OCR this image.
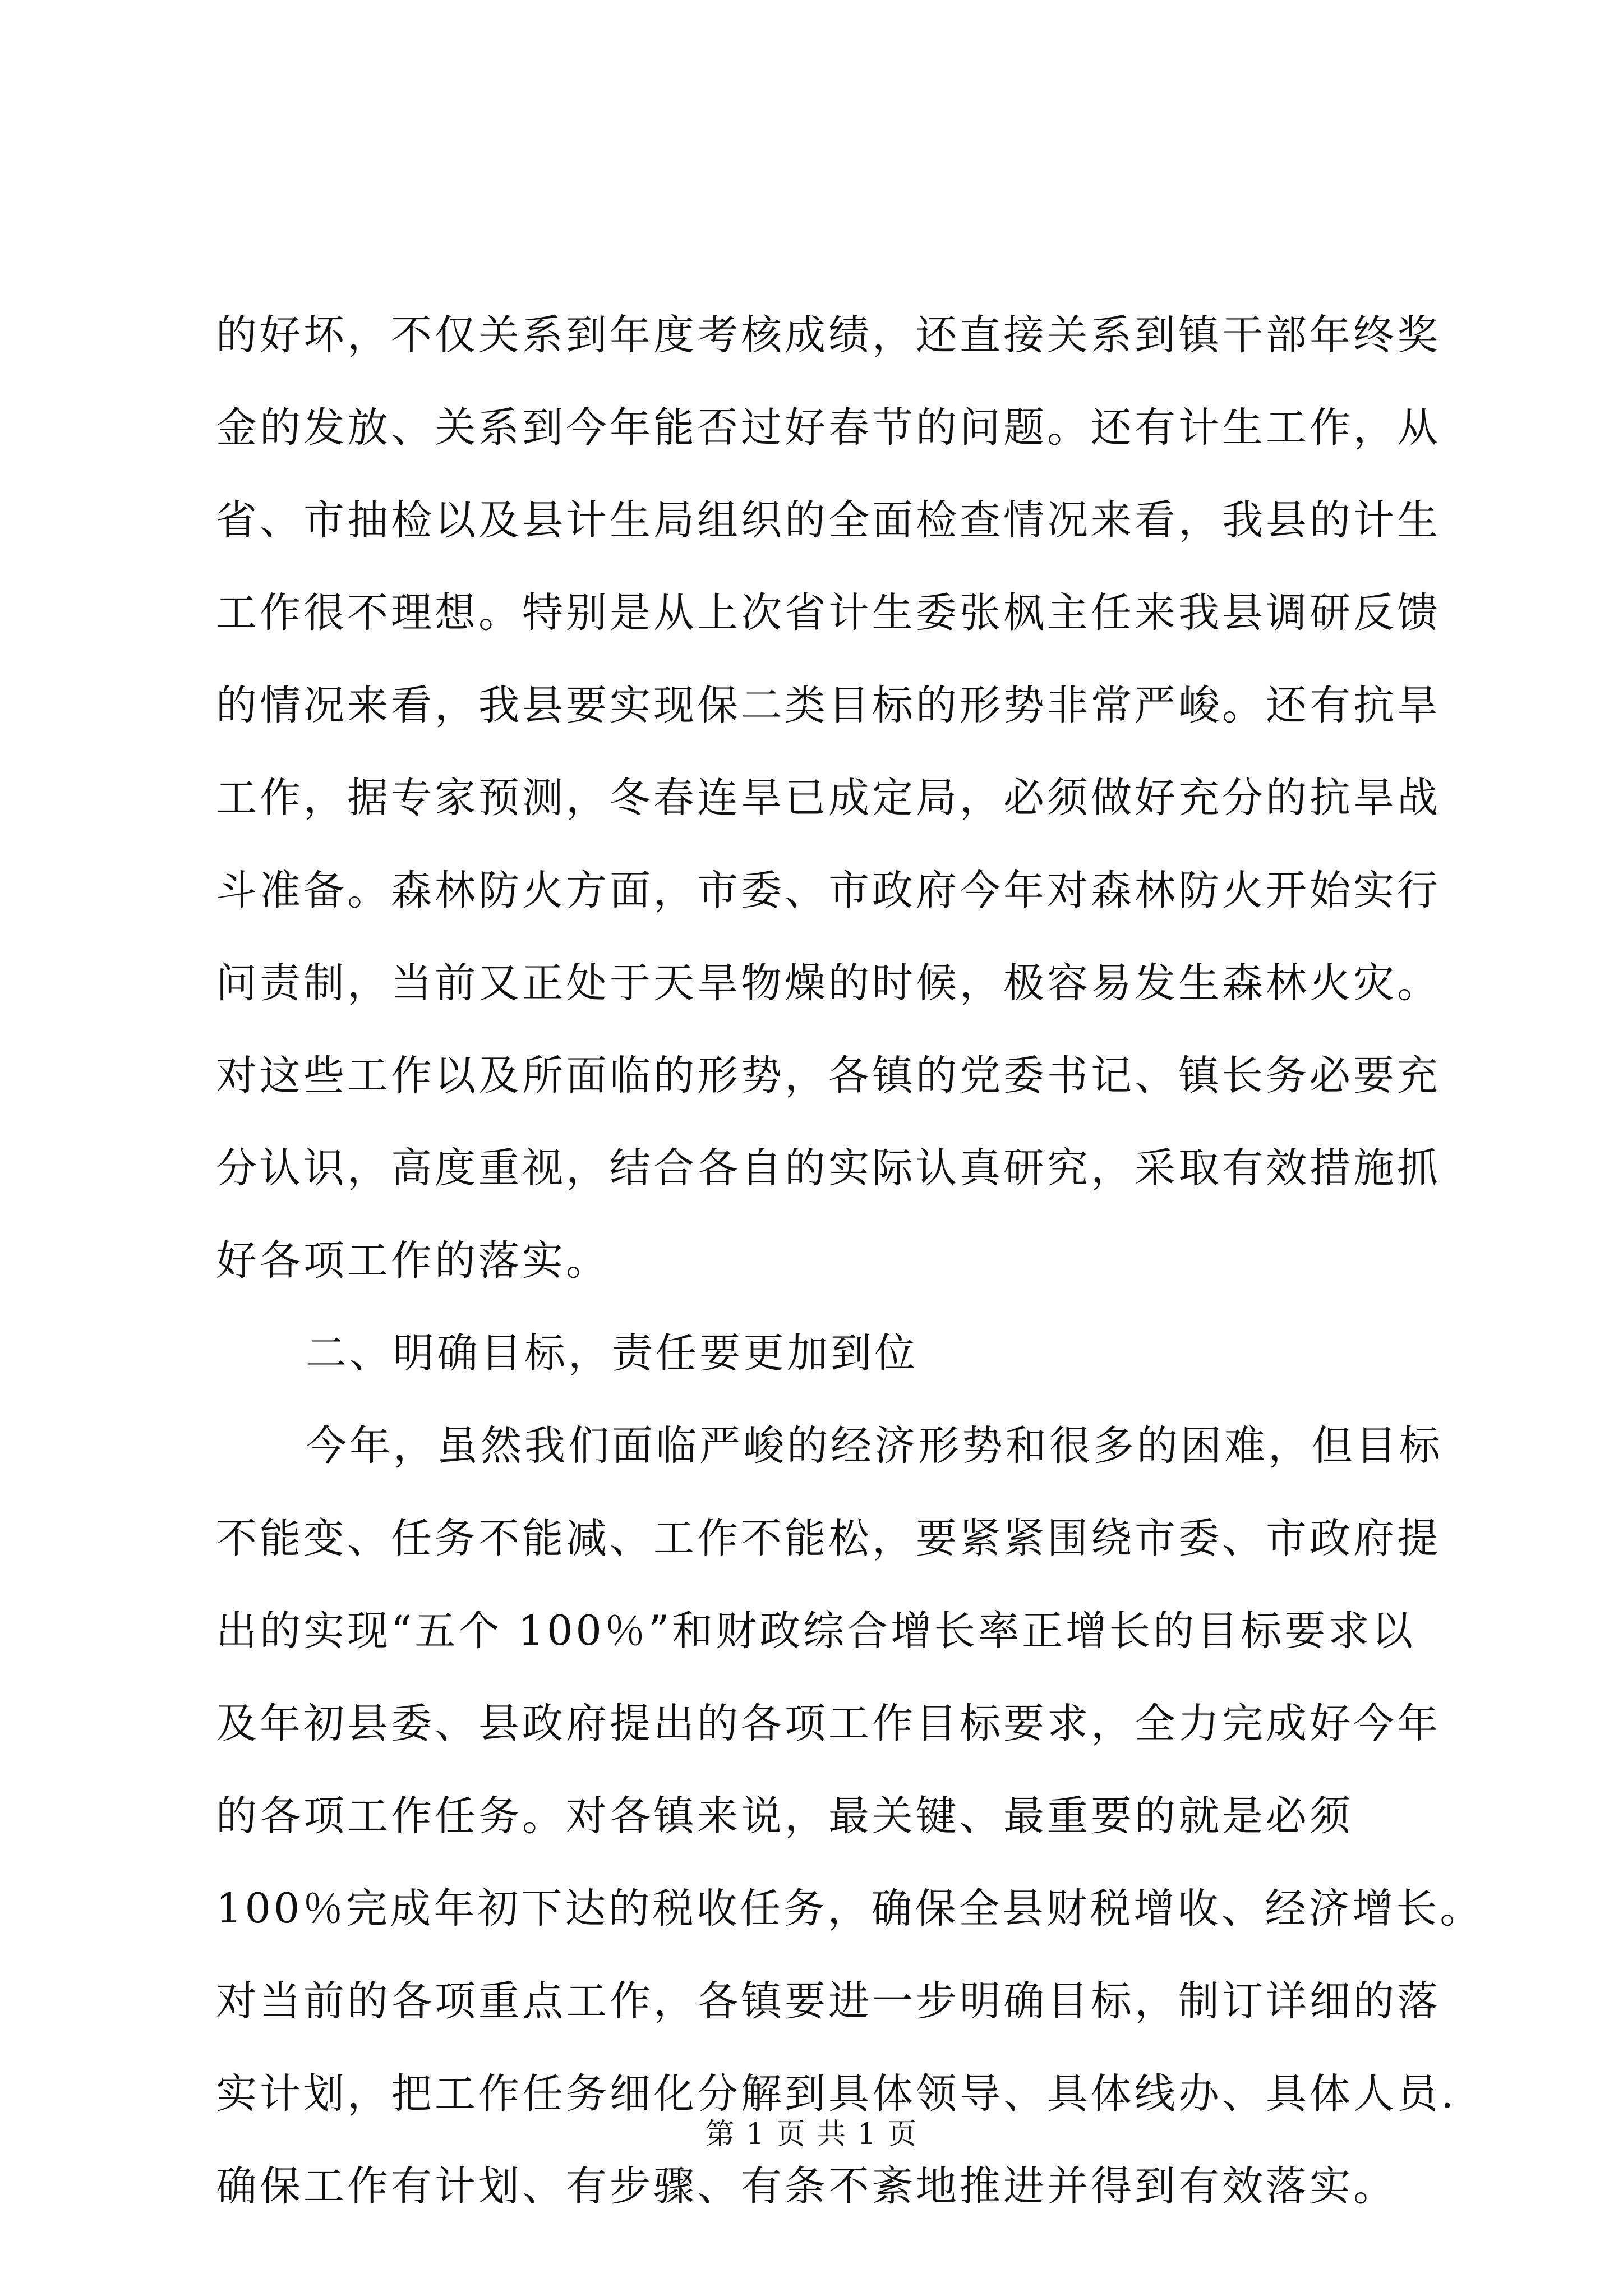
的好坏，不仅关系到年度考核成绩，还直接关系到镇干部年终奖
金的发放、关系到今年能否过好春节的问题。还有计生工作，从
省、市抽检以及县计生局组织的全面检查情况来看，我县的计生
工作很不理想。特别是从上次省计生委张枫主任来我县调研反馈
的情况来看，我县要实现保二类目标的形势非常严峻。还有抗旱
工作，据专家预测，冬春连旱已成定局，必须做好充分的抗旱战
斗准备。森林防火方面，市委、市政府今年对森林防火开始实行
问责制，当前又正处于天旱物燥的时候，极容易发生森林火灾。
对这些工作以及所面临的形势，各镇的党委书记、镇长务必要充
分认识，高度重视，结合各自的实际认真研究，采取有效措施抓
好各项工作的落实。
二、明确目标，责任要更加到位
今年，虽然我们面临严峻的经济形势和很多的困难，但目标
不能变、任务不能减、工作不能松，要紧紧围绕市委、市政府提
出的实现“五个 100％”和财政综合增长率正增长的目标要求以
及年初县委、县政府提出的各项工作目标要求，全力完成好今年
的各项工作任务。对各镇来说，最关键、最重要的就是必须
100％完成年初下达的税收任务，确保全县财税增收、经济增长。
对当前的各项重点工作，各镇要进一步明确目标，制订详细的落
实计划，把工作任务细化分解到具体领导、具体线办、具体人员.
确保工作有计划、有步骤、有条不紊地推进并得到有效落实。
第 1 页 共 1 页
